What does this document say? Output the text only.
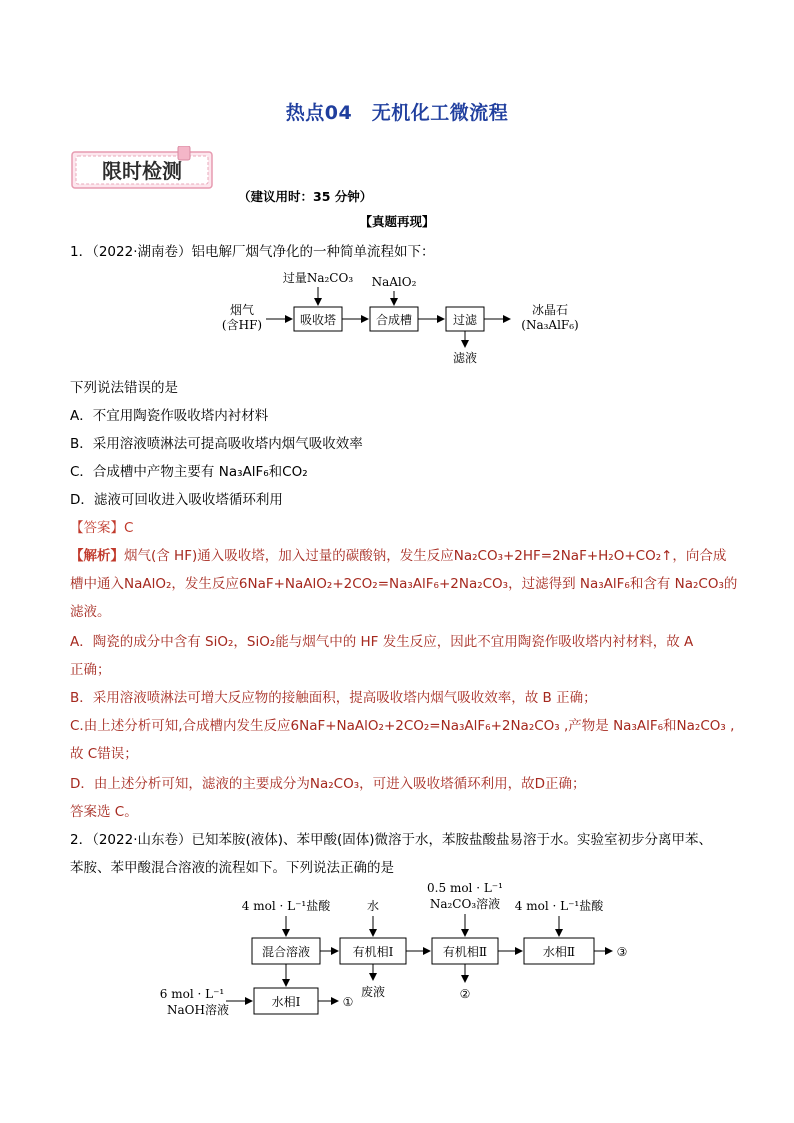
热点04　无机化工微流程
限时检测
（建议用时：35 分钟）
【真题再现】
1．（2022·湖南卷）铝电解厂烟气净化的一种简单流程如下：
烟气
(含HF)	吸收塔
过量Na₂CO₃
合成槽
NaAlO₂
过滤
滤液
冰晶石
(Na₃AlF₆)
下列说法错误的是
A．不宜用陶瓷作吸收塔内衬材料
B．采用溶液喷淋法可提高吸收塔内烟气吸收效率
C．合成槽中产物主要有 Na₃AlF₆和CO₂
D．滤液可回收进入吸收塔循环利用
【答案】C
【解析】烟气(含 HF)通入吸收塔，加入过量的碳酸钠，发生反应Na₂CO₃+2HF=2NaF+H₂O+CO₂↑，向合成
槽中通入NaAlO₂，发生反应6NaF+NaAlO₂+2CO₂=Na₃AlF₆+2Na₂CO₃，过滤得到 Na₃AlF₆和含有 Na₂CO₃的
滤液。
A．陶瓷的成分中含有 SiO₂，SiO₂能与烟气中的 HF 发生反应，因此不宜用陶瓷作吸收塔内衬材料，故 A
正确；
B．采用溶液喷淋法可增大反应物的接触面积，提高吸收塔内烟气吸收效率，故 B 正确；
C.由上述分析可知,合成槽内发生反应6NaF+NaAlO₂+2CO₂=Na₃AlF₆+2Na₂CO₃ ,产物是 Na₃AlF₆和Na₂CO₃ ,
故 C错误；
D．由上述分析可知，滤液的主要成分为Na₂CO₃，可进入吸收塔循环利用，故D正确；
答案选 C。
2．（2022·山东卷）已知苯胺(液体)、苯甲酸(固体)微溶于水，苯胺盐酸盐易溶于水。实验室初步分离甲苯、
苯胺、苯甲酸混合溶液的流程如下。下列说法正确的是
4 mol · L⁻¹盐酸	水
0.5 mol · L⁻¹
Na₂CO₃溶液 4 mol · L⁻¹盐酸
混合溶液	有机相Ⅰ	有机相Ⅱ	水相Ⅱ	③
水相Ⅰ	①
6 mol · L⁻¹
NaOH溶液
废液	②
